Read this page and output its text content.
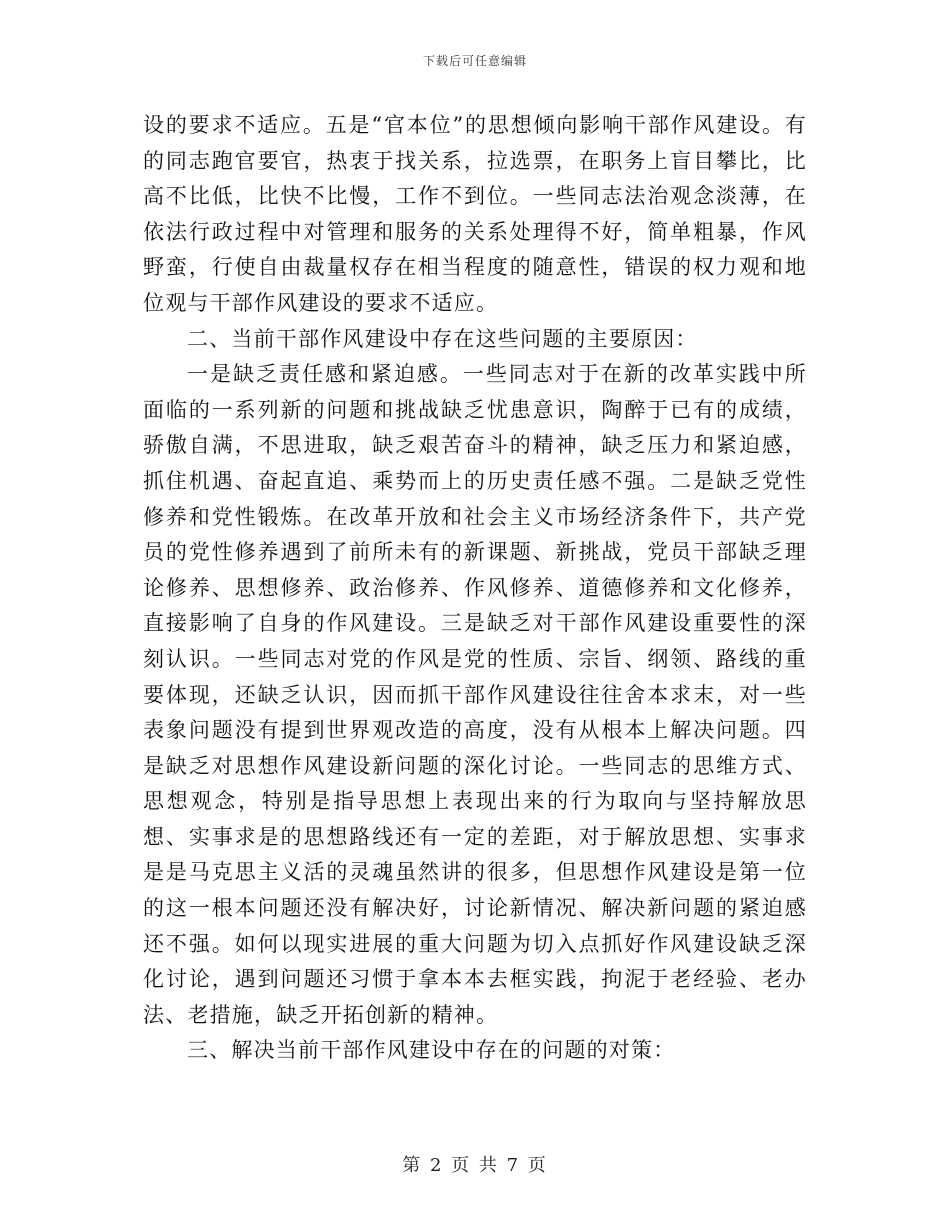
下载后可任意编辑

设的要求不适应。五是“官本位”的思想倾向影响干部作风建设。有的同志跑官要官，热衷于找关系，拉选票，在职务上盲目攀比，比高不比低，比快不比慢，工作不到位。一些同志法治观念淡薄，在依法行政过程中对管理和服务的关系处理得不好，简单粗暴，作风野蛮，行使自由裁量权存在相当程度的随意性，错误的权力观和地位观与干部作风建设的要求不适应。

二、当前干部作风建设中存在这些问题的主要原因：

一是缺乏责任感和紧迫感。一些同志对于在新的改革实践中所面临的一系列新的问题和挑战缺乏忧患意识，陶醉于已有的成绩，骄傲自满，不思进取，缺乏艰苦奋斗的精神，缺乏压力和紧迫感，抓住机遇、奋起直追、乘势而上的历史责任感不强。二是缺乏党性修养和党性锻炼。在改革开放和社会主义市场经济条件下，共产党员的党性修养遇到了前所未有的新课题、新挑战，党员干部缺乏理论修养、思想修养、政治修养、作风修养、道德修养和文化修养，直接影响了自身的作风建设。三是缺乏对干部作风建设重要性的深刻认识。一些同志对党的作风是党的性质、宗旨、纲领、路线的重要体现，还缺乏认识，因而抓干部作风建设往往舍本求末，对一些表象问题没有提到世界观改造的高度，没有从根本上解决问题。四是缺乏对思想作风建设新问题的深化讨论。一些同志的思维方式、思想观念，特别是指导思想上表现出来的行为取向与坚持解放思想、实事求是的思想路线还有一定的差距，对于解放思想、实事求是是马克思主义活的灵魂虽然讲的很多，但思想作风建设是第一位的这一根本问题还没有解决好，讨论新情况、解决新问题的紧迫感还不强。如何以现实进展的重大问题为切入点抓好作风建设缺乏深化讨论，遇到问题还习惯于拿本本去框实践，拘泥于老经验、老办法、老措施，缺乏开拓创新的精神。

三、解决当前干部作风建设中存在的问题的对策：

第 2 页 共 7 页
